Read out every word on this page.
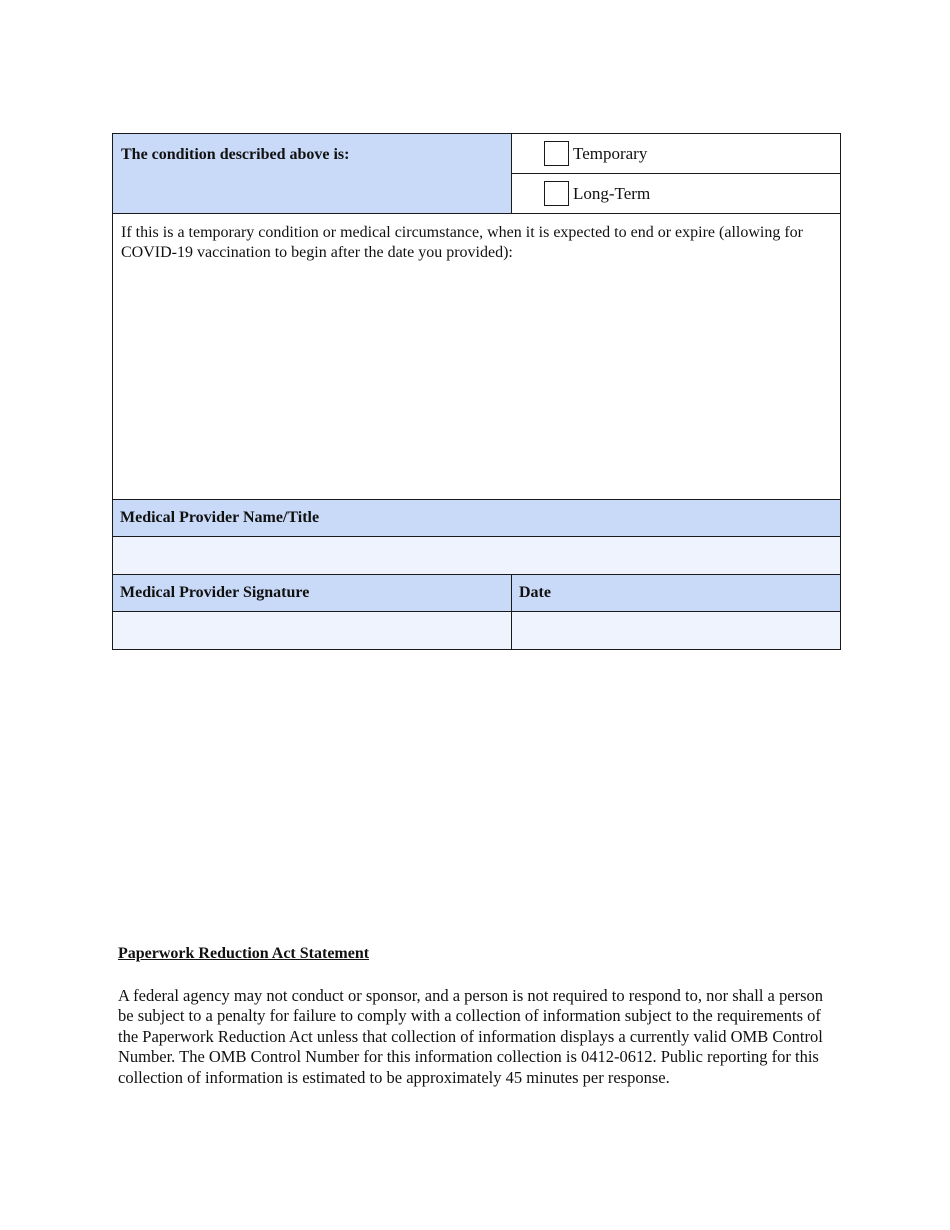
The condition described above is:	Temporary

	Long-Term

If this is a temporary condition or medical circumstance, when it is expected to end or expire (allowing for COVID-19 vaccination to begin after the date you provided):	
Medical Provider Name/Title	

Medical Provider Signature	Date

Paperwork Reduction Act Statement

A federal agency may not conduct or sponsor, and a person is not required to respond to, nor shall a person be subject to a penalty for failure to comply with a collection of information subject to the requirements of the Paperwork Reduction Act unless that collection of information displays a currently valid OMB Control Number. The OMB Control Number for this information collection is 0412-0612. Public reporting for this collection of information is estimated to be approximately 45 minutes per response.
